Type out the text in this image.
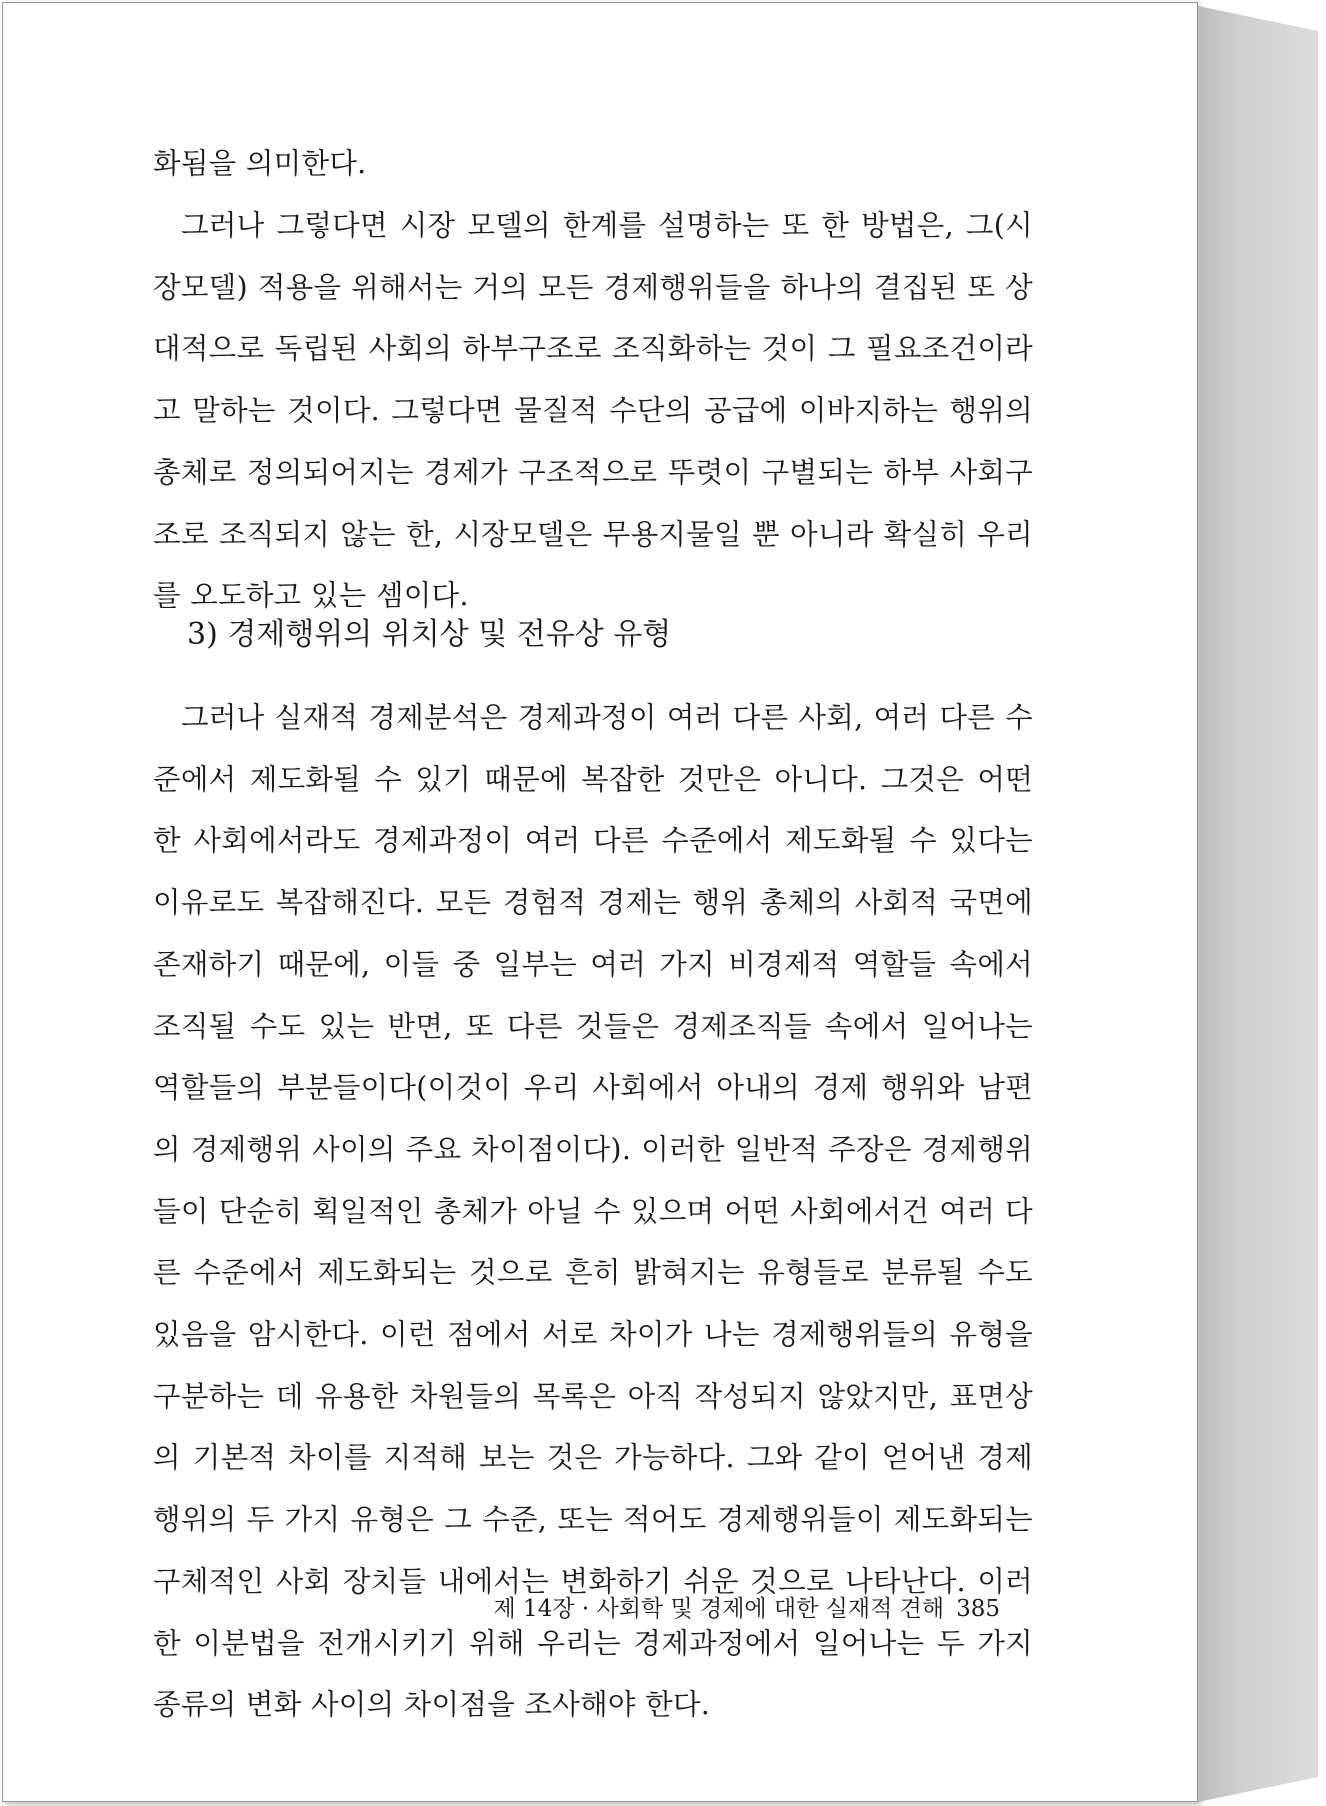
화됨을 의미한다.

그러나 그렇다면 시장 모델의 한계를 설명하는 또 한 방법은, 그(시장모델) 적용을 위해서는 거의 모든 경제행위들을 하나의 결집된 또 상대적으로 독립된 사회의 하부구조로 조직화하는 것이 그 필요조건이라고 말하는 것이다. 그렇다면 물질적 수단의 공급에 이바지하는 행위의 총체로 정의되어지는 경제가 구조적으로 뚜렷이 구별되는 하부 사회구조로 조직되지 않는 한, 시장모델은 무용지물일 뿐 아니라 확실히 우리를 오도하고 있는 셈이다.

3) 경제행위의 위치상 및 전유상 유형

그러나 실재적 경제분석은 경제과정이 여러 다른 사회, 여러 다른 수준에서 제도화될 수 있기 때문에 복잡한 것만은 아니다. 그것은 어떤 한 사회에서라도 경제과정이 여러 다른 수준에서 제도화될 수 있다는 이유로도 복잡해진다. 모든 경험적 경제는 행위 총체의 사회적 국면에 존재하기 때문에, 이들 중 일부는 여러 가지 비경제적 역할들 속에서 조직될 수도 있는 반면, 또 다른 것들은 경제조직들 속에서 일어나는 역할들의 부분들이다(이것이 우리 사회에서 아내의 경제 행위와 남편의 경제행위 사이의 주요 차이점이다). 이러한 일반적 주장은 경제행위들이 단순히 획일적인 총체가 아닐 수 있으며 어떤 사회에서건 여러 다른 수준에서 제도화되는 것으로 흔히 밝혀지는 유형들로 분류될 수도 있음을 암시한다. 이런 점에서 서로 차이가 나는 경제행위들의 유형을 구분하는 데 유용한 차원들의 목록은 아직 작성되지 않았지만, 표면상의 기본적 차이를 지적해 보는 것은 가능하다. 그와 같이 얻어낸 경제 행위의 두 가지 유형은 그 수준, 또는 적어도 경제행위들이 제도화되는 구체적인 사회 장치들 내에서는 변화하기 쉬운 것으로 나타난다. 이러한 이분법을 전개시키기 위해 우리는 경제과정에서 일어나는 두 가지 종류의 변화 사이의 차이점을 조사해야 한다.

제 14장 · 사회학 및 경제에 대한 실재적 견해 385
